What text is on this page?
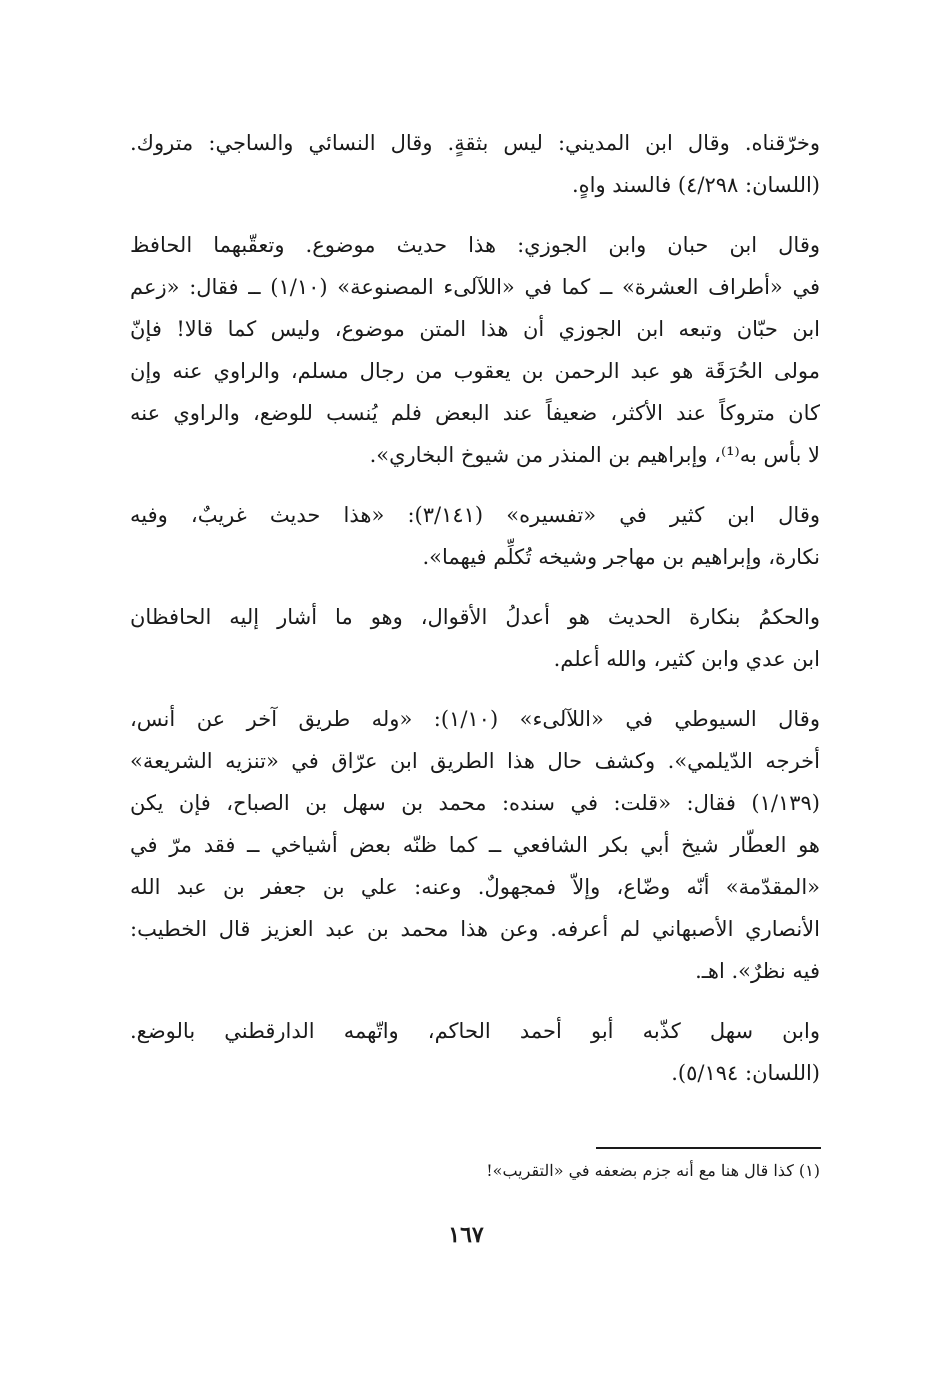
وخرّقناه. وقال ابن المديني: ليس بثقةٍ. وقال النسائي والساجي: متروك.
(اللسان: ٤/٢٩٨) فالسند واهٍ.

وقال ابن حبان وابن الجوزي: هذا حديث موضوع. وتعقّبهما الحافظ
في «أطراف العشرة» ــ كما في «اللآلىء المصنوعة» (١/١٠) ــ فقال: «زعم
ابن حبّان وتبعه ابن الجوزي أن هذا المتن موضوع، وليس كما قالا! فإنّ
مولى الحُرَقَة هو عبد الرحمن بن يعقوب من رجال مسلم، والراوي عنه وإن
كان متروكاً عند الأكثر، ضعيفاً عند البعض فلم يُنسب للوضع، والراوي عنه
لا بأس به⁽¹⁾، وإبراهيم بن المنذر من شيوخ البخاري».

وقال ابن كثير في «تفسيره» (٣/١٤١): «هذا حديث غريبٌ، وفيه
نكارة، وإبراهيم بن مهاجر وشيخه تُكلِّم فيهما».

والحكمُ بنكارة الحديث هو أعدلُ الأقوال، وهو ما أشار إليه الحافظان
ابن عدي وابن كثير، والله أعلم.

وقال السيوطي في «اللآلىء» (١/١٠): «وله طريق آخر عن أنس،
أخرجه الدّيلمي». وكشف حال هذا الطريق ابن عرّاق في «تنزيه الشريعة»
(١/١٣٩) فقال: «قلت: في سنده: محمد بن سهل بن الصباح، فإن يكن
هو العطّار شيخ أبي بكر الشافعي ــ كما ظنّه بعض أشياخي ــ فقد مرّ في
«المقدّمة» أنّه وضّاع، وإلاّ فمجهولٌ. وعنه: علي بن جعفر بن عبد الله
الأنصاري الأصبهاني لم أعرفه. وعن هذا محمد بن عبد العزيز قال الخطيب:
فيه نظرٌ». اهـ.

وابن سهل كذّبه أبو أحمد الحاكم، واتّهمه الدارقطني بالوضع.
(اللسان: ٥/١٩٤).

(١) كذا قال هنا مع أنه جزم بضعفه في «التقريب»!
١٦٧
